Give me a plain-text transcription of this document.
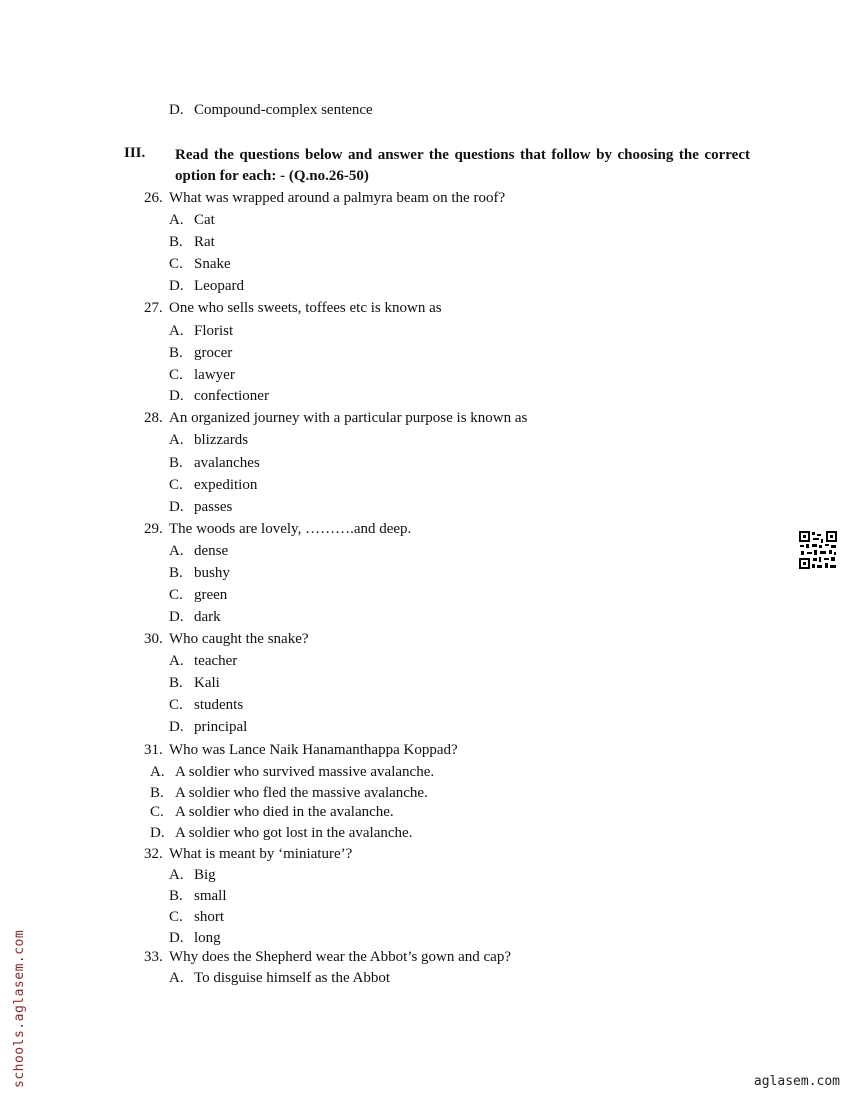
D. Compound-complex sentence
III. Read the questions below and answer the questions that follow by choosing the correct option for each: - (Q.no.26-50)
26. What was wrapped around a palmyra beam on the roof?
A. Cat
B. Rat
C. Snake
D. Leopard
27. One who sells sweets, toffees etc is known as
A. Florist
B. grocer
C. lawyer
D. confectioner
28. An organized journey with a particular purpose is known as
A. blizzards
B. avalanches
C. expedition
D. passes
29. The woods are lovely, ……….and deep.
A. dense
B. bushy
C. green
D. dark
30. Who caught the snake?
A. teacher
B. Kali
C. students
D. principal
31. Who was Lance Naik Hanamanthappa Koppad?
A. A soldier who survived massive avalanche.
B. A soldier who fled the massive avalanche.
C. A soldier who died in the avalanche.
D. A soldier who got lost in the avalanche.
32. What is meant by ‘miniature’?
A. Big
B. small
C. short
D. long
33. Why does the Shepherd wear the Abbot’s gown and cap?
A. To disguise himself as the Abbot
schools.aglasem.com	aglasem.com
